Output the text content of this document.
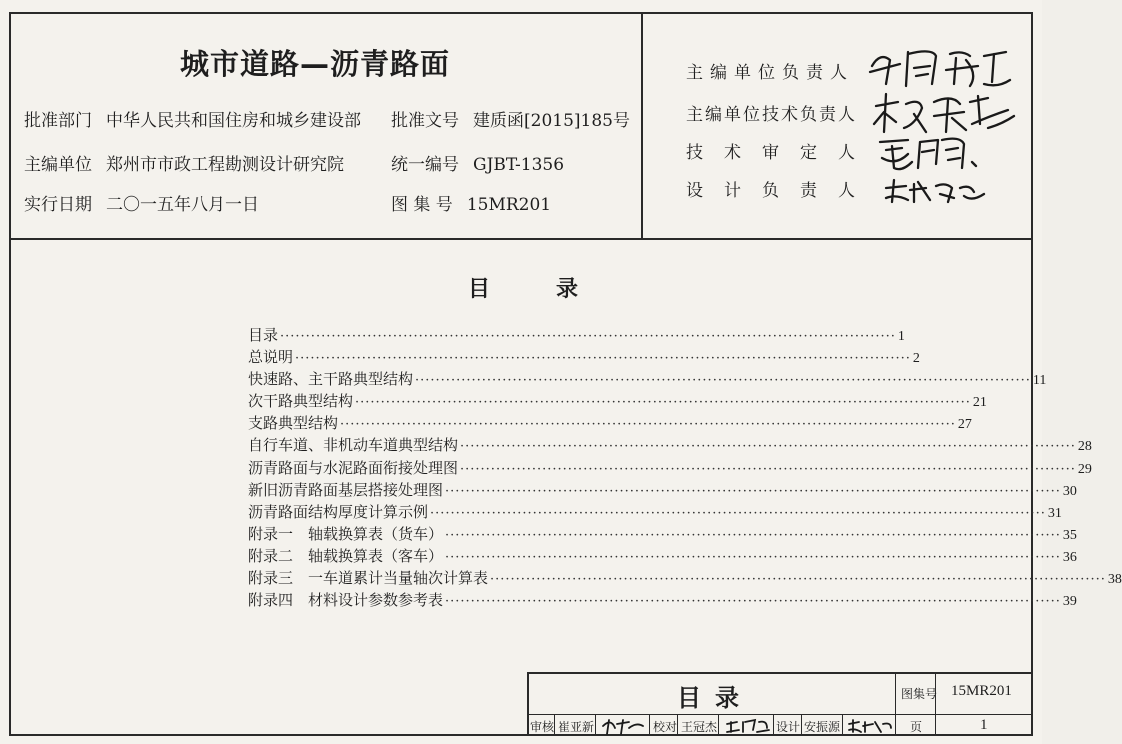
城市道路—沥青路面
批准部门 中华人民共和国住房和城乡建设部 批准文号 建质函[2015]185号
主编单位 郑州市市政工程勘测设计研究院	统一编号 GJBT-1356
实行日期 二〇一五年八月一日	图 集 号 15MR201
主编单位负责人
主编单位技术负责人
技术审定人
设计负责人
目	录
目录 ························································································································ 1
总说明 ························································································································ 2
快速路、主干路典型结构 ························································································································ 11
次干路典型结构 ························································································································ 21
支路典型结构 ························································································································ 27
自行车道、非机动车道典型结构 ························································································································ 28
沥青路面与水泥路面衔接处理图 ························································································································ 29
新旧沥青路面基层搭接处理图 ························································································································ 30
沥青路面结构厚度计算示例 ························································································································ 31
附录一　轴载换算表（货车） ························································································································ 35
附录二　轴载换算表（客车） ························································································································ 36
附录三　一车道累计当量轴次计算表 ························································································································ 38
附录四　材料设计参数参考表 ························································································································ 39
目录	图集号 15MR201
审核 崔亚新	校对 王冠杰	设计 安振源	页	1
